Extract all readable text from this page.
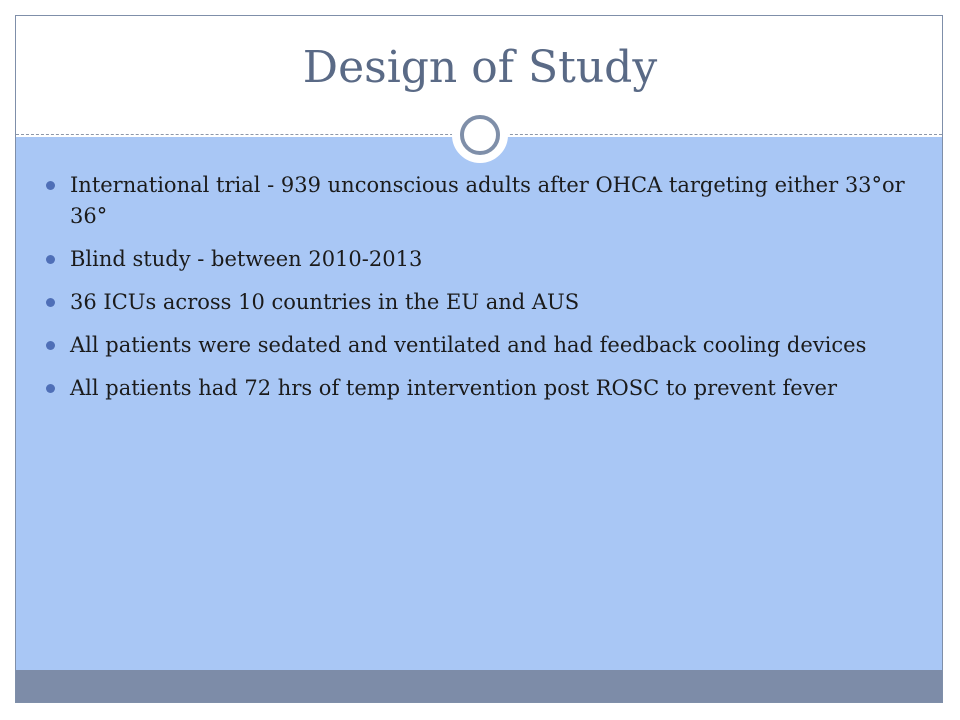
Design of Study
International trial - 939 unconscious adults after OHCA targeting either 33°or 36°
Blind study - between 2010-2013
36 ICUs across 10 countries in the EU and AUS
All patients were sedated and ventilated and had feedback cooling devices
All patients had 72 hrs of temp intervention post ROSC to prevent fever
